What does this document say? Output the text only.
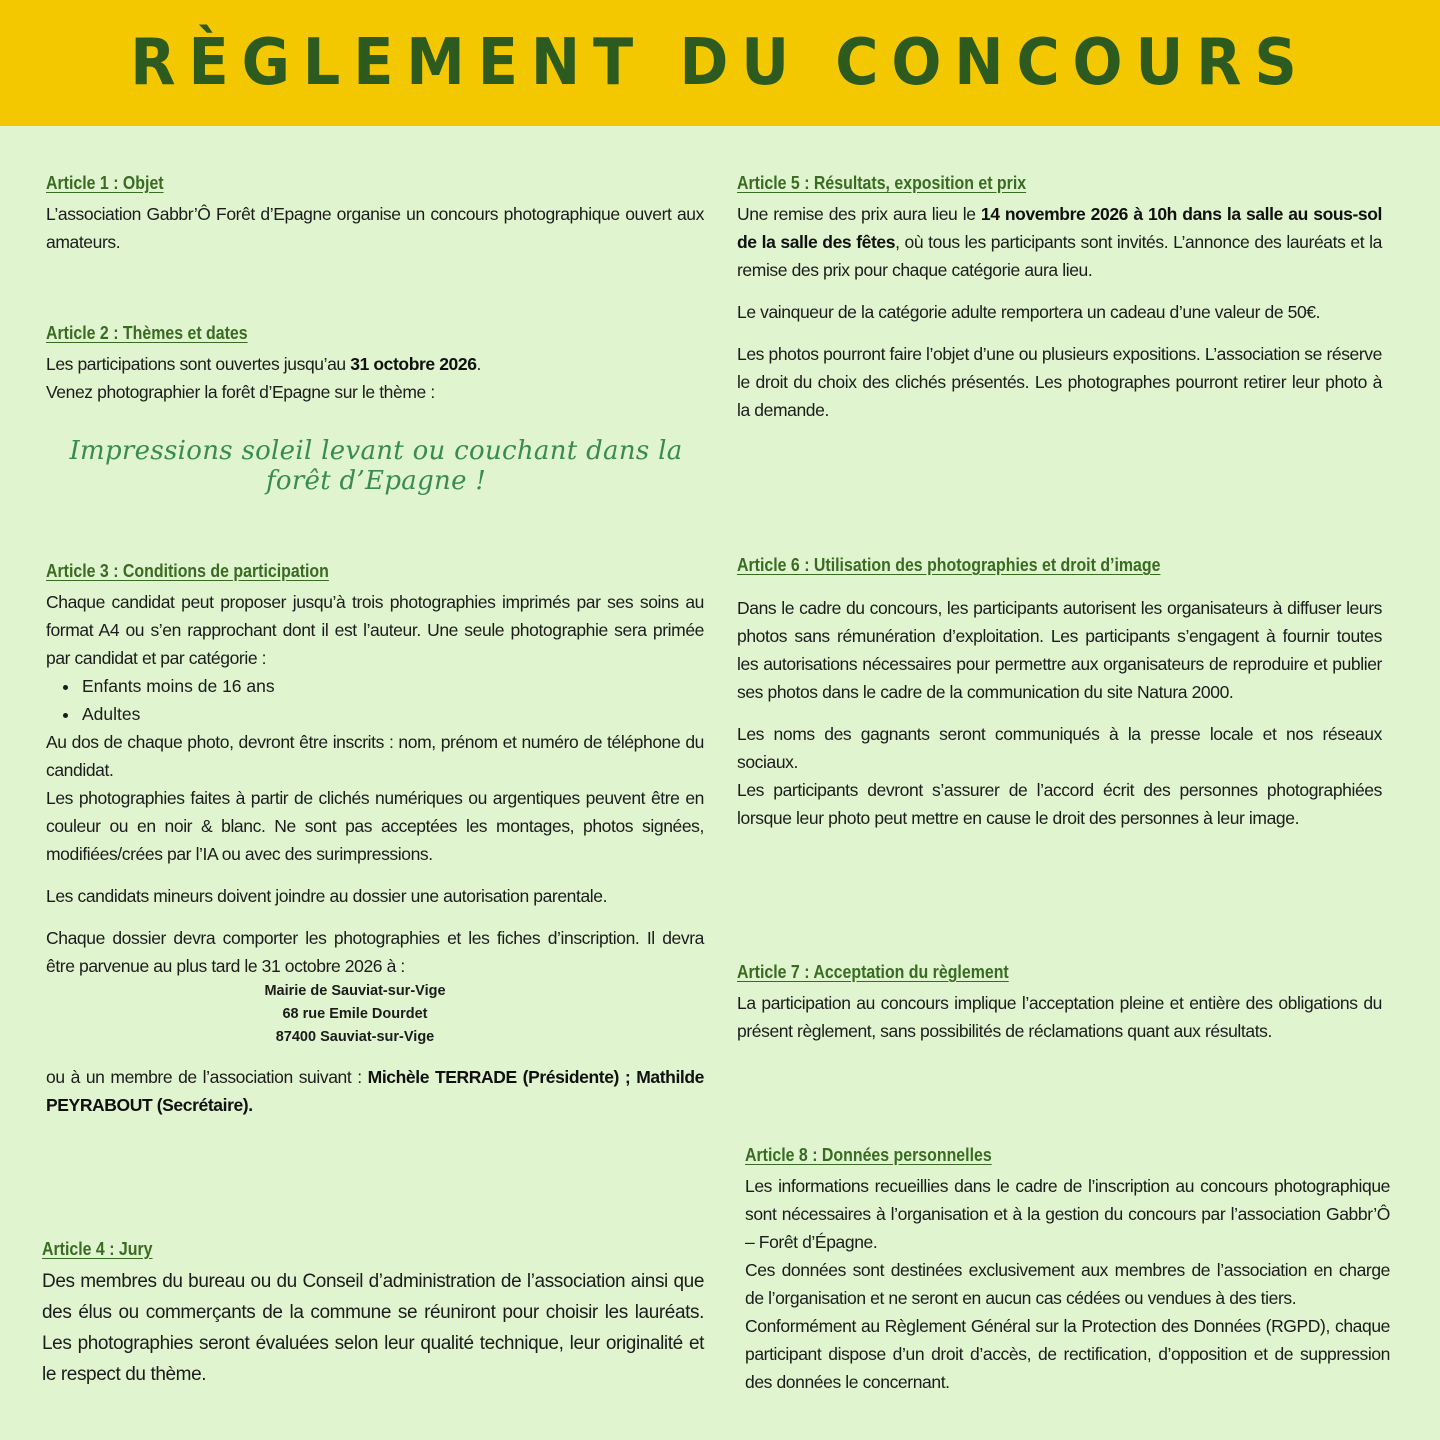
RÈGLEMENT DU CONCOURS
Article 1 : Objet

L’association Gabbr’Ô Forêt d’Epagne organise un concours photographique ouvert aux amateurs.

Article 2 : Thèmes et dates

Les participations sont ouvertes jusqu’au 31 octobre 2026.

Venez photographier la forêt d’Epagne sur le thème :

Impressions soleil levant ou couchant dans la forêt d’Epagne !
Article 3 : Conditions de participation

Chaque candidat peut proposer jusqu’à trois photographies imprimés par ses soins au format A4 ou s’en rapprochant dont il est l’auteur. Une seule photographie sera primée par candidat et par catégorie :

• Enfants moins de 16 ans
• Adultes

Au dos de chaque photo, devront être inscrits : nom, prénom et numéro de téléphone du candidat.

Les photographies faites à partir de clichés numériques ou argentiques peuvent être en couleur ou en noir & blanc. Ne sont pas acceptées les montages, photos signées, modifiées/crées par l’IA ou avec des surimpressions.

Les candidats mineurs doivent joindre au dossier une autorisation parentale.

Chaque dossier devra comporter les photographies et les fiches d’inscription. Il devra être parvenue au plus tard le 31 octobre 2026 à :

Mairie de Sauviat-sur-Vige
68 rue Emile Dourdet
87400 Sauviat-sur-Vige

ou à un membre de l’association suivant : Michèle TERRADE (Présidente) ; Mathilde PEYRABOUT (Secrétaire).

Article 4 : Jury

Des membres du bureau ou du Conseil d’administration de l’association ainsi que des élus ou commerçants de la commune se réuniront pour choisir les lauréats. Les photographies seront évaluées selon leur qualité technique, leur originalité et le respect du thème.

Article 5 : Résultats, exposition et prix

Une remise des prix aura lieu le 14 novembre 2026 à 10h dans la salle au sous-sol de la salle des fêtes, où tous les participants sont invités. L’annonce des lauréats et la remise des prix pour chaque catégorie aura lieu.

Le vainqueur de la catégorie adulte remportera un cadeau d’une valeur de 50€.

Les photos pourront faire l’objet d’une ou plusieurs expositions. L’association se réserve le droit du choix des clichés présentés. Les photographes pourront retirer leur photo à la demande.

Article 6 : Utilisation des photographies et droit d’image

Dans le cadre du concours, les participants autorisent les organisateurs à diffuser leurs photos sans rémunération d’exploitation. Les participants s’engagent à fournir toutes les autorisations nécessaires pour permettre aux organisateurs de reproduire et publier ses photos dans le cadre de la communication du site Natura 2000.

Les noms des gagnants seront communiqués à la presse locale et nos réseaux sociaux.

Les participants devront s’assurer de l’accord écrit des personnes photographiées lorsque leur photo peut mettre en cause le droit des personnes à leur image.

Article 7 : Acceptation du règlement

La participation au concours implique l’acceptation pleine et entière des obligations du présent règlement, sans possibilités de réclamations quant aux résultats.

Article 8 : Données personnelles

Les informations recueillies dans le cadre de l’inscription au concours photographique sont nécessaires à l’organisation et à la gestion du concours par l’association Gabbr’Ô – Forêt d’Épagne.

Ces données sont destinées exclusivement aux membres de l’association en charge de l’organisation et ne seront en aucun cas cédées ou vendues à des tiers.

Conformément au Règlement Général sur la Protection des Données (RGPD), chaque participant dispose d’un droit d’accès, de rectification, d’opposition et de suppression des données le concernant.
